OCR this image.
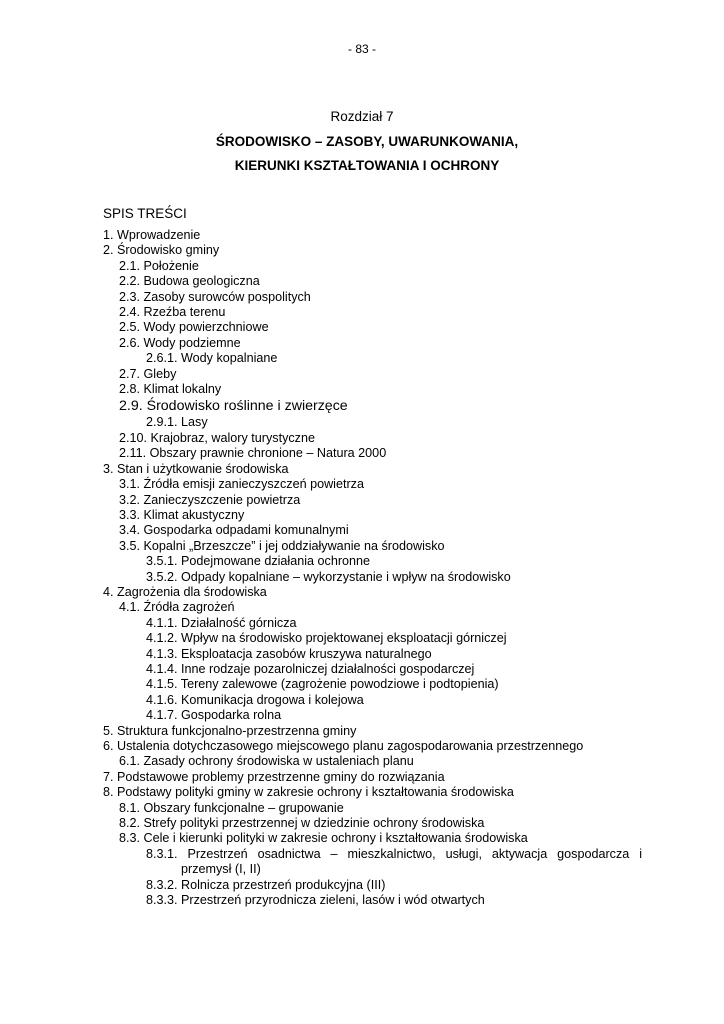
- 83 -
Rozdział 7
ŚRODOWISKO – ZASOBY, UWARUNKOWANIA,
KIERUNKI KSZTAŁTOWANIA I OCHRONY
SPIS TREŚCI
1. Wprowadzenie
2. Środowisko gminy
2.1. Położenie
2.2. Budowa geologiczna
2.3. Zasoby surowców pospolitych
2.4. Rzeźba terenu
2.5. Wody powierzchniowe
2.6. Wody podziemne
2.6.1. Wody kopalniane
2.7. Gleby
2.8. Klimat lokalny
2.9. Środowisko roślinne i zwierzęce
2.9.1. Lasy
2.10. Krajobraz, walory turystyczne
2.11. Obszary prawnie chronione – Natura 2000
3. Stan i użytkowanie środowiska
3.1. Źródła emisji zanieczyszczeń powietrza
3.2. Zanieczyszczenie powietrza
3.3. Klimat akustyczny
3.4. Gospodarka odpadami komunalnymi
3.5. Kopalni „Brzeszcze” i jej oddziaływanie na środowisko
3.5.1. Podejmowane działania ochronne
3.5.2. Odpady kopalniane – wykorzystanie i wpływ na środowisko
4. Zagrożenia dla środowiska
4.1. Źródła zagrożeń
4.1.1. Działalność górnicza
4.1.2. Wpływ na środowisko projektowanej eksploatacji górniczej
4.1.3. Eksploatacja zasobów kruszywa naturalnego
4.1.4. Inne rodzaje pozarolniczej działalności gospodarczej
4.1.5. Tereny zalewowe (zagrożenie powodziowe i podtopienia)
4.1.6. Komunikacja drogowa i kolejowa
4.1.7. Gospodarka rolna
5. Struktura funkcjonalno-przestrzenna gminy
6. Ustalenia dotychczasowego miejscowego planu zagospodarowania przestrzennego
6.1. Zasady ochrony środowiska w ustaleniach planu
7. Podstawowe problemy przestrzenne gminy do rozwiązania
8. Podstawy polityki gminy w zakresie ochrony i kształtowania środowiska
8.1. Obszary funkcjonalne – grupowanie
8.2. Strefy polityki przestrzennej w dziedzinie ochrony środowiska
8.3. Cele i kierunki polityki w zakresie ochrony i kształtowania środowiska
8.3.1. Przestrzeń osadnictwa – mieszkalnictwo, usługi, aktywacja gospodarcza i
przemysł (I, II)
8.3.2. Rolnicza przestrzeń produkcyjna (III)
8.3.3. Przestrzeń przyrodnicza zieleni, lasów i wód otwartych
